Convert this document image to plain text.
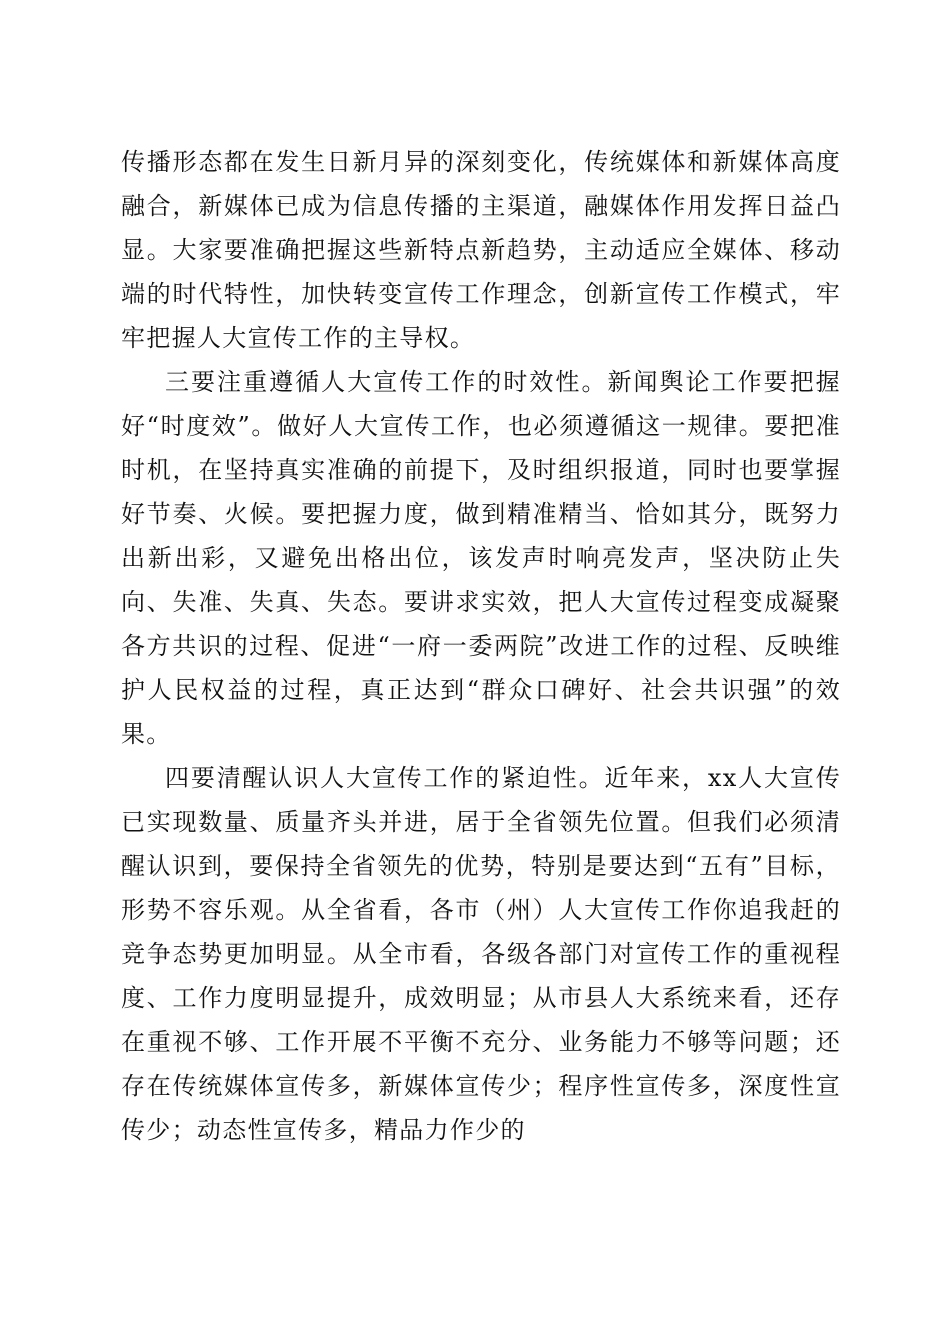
传播形态都在发生日新月异的深刻变化，传统媒体和新媒体高度融合，新媒体已成为信息传播的主渠道，融媒体作用发挥日益凸显。大家要准确把握这些新特点新趋势，主动适应全媒体、移动端的时代特性，加快转变宣传工作理念，创新宣传工作模式，牢牢把握人大宣传工作的主导权。

三要注重遵循人大宣传工作的时效性。新闻舆论工作要把握好“时度效”。做好人大宣传工作，也必须遵循这一规律。要把准时机，在坚持真实准确的前提下，及时组织报道，同时也要掌握好节奏、火候。要把握力度，做到精准精当、恰如其分，既努力出新出彩，又避免出格出位，该发声时响亮发声，坚决防止失向、失准、失真、失态。要讲求实效，把人大宣传过程变成凝聚各方共识的过程、促进“一府一委两院”改进工作的过程、反映维护人民权益的过程，真正达到“群众口碑好、社会共识强”的效果。

四要清醒认识人大宣传工作的紧迫性。近年来，xx人大宣传已实现数量、质量齐头并进，居于全省领先位置。但我们必须清醒认识到，要保持全省领先的优势，特别是要达到“五有”目标，形势不容乐观。从全省看，各市（州）人大宣传工作你追我赶的竞争态势更加明显。从全市看，各级各部门对宣传工作的重视程度、工作力度明显提升，成效明显；从市县人大系统来看，还存在重视不够、工作开展不平衡不充分、业务能力不够等问题；还存在传统媒体宣传多，新媒体宣传少；程序性宣传多，深度性宣传少；动态性宣传多，精品力作少的
